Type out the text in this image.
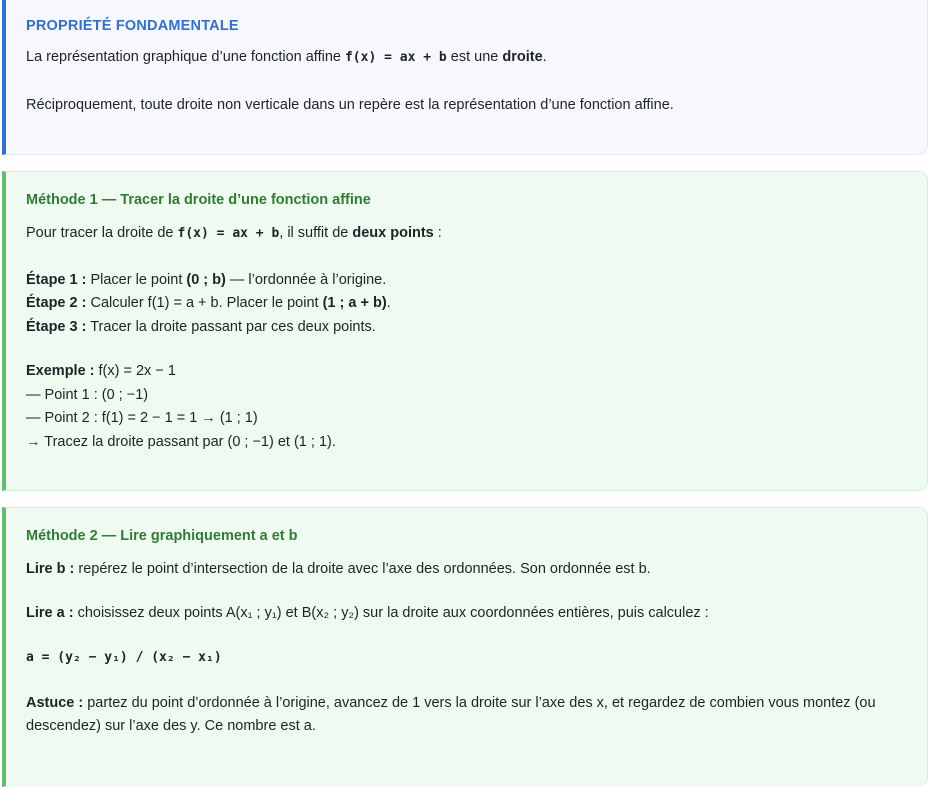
PROPRIÉTÉ FONDAMENTALE
La représentation graphique d’une fonction affine f(x) = ax + b est une droite.
Réciproquement, toute droite non verticale dans un repère est la représentation d’une fonction affine.
Méthode 1 — Tracer la droite d’une fonction affine
Pour tracer la droite de f(x) = ax + b, il suffit de deux points :
Étape 1 : Placer le point (0 ; b) — l’ordonnée à l’origine.
Étape 2 : Calculer f(1) = a + b. Placer le point (1 ; a + b).
Étape 3 : Tracer la droite passant par ces deux points.
Exemple : f(x) = 2x − 1
— Point 1 : (0 ; −1)
— Point 2 : f(1) = 2 − 1 = 1 → (1 ; 1)
→ Tracez la droite passant par (0 ; −1) et (1 ; 1).
Méthode 2 — Lire graphiquement a et b
Lire b : repérez le point d’intersection de la droite avec l’axe des ordonnées. Son ordonnée est b.
Lire a : choisissez deux points A(x₁ ; y₁) et B(x₂ ; y₂) sur la droite aux coordonnées entières, puis calculez :
a = (y₂ − y₁) / (x₂ − x₁)
Astuce : partez du point d’ordonnée à l’origine, avancez de 1 vers la droite sur l’axe des x, et regardez de combien vous montez (ou
descendez) sur l’axe des y. Ce nombre est a.
